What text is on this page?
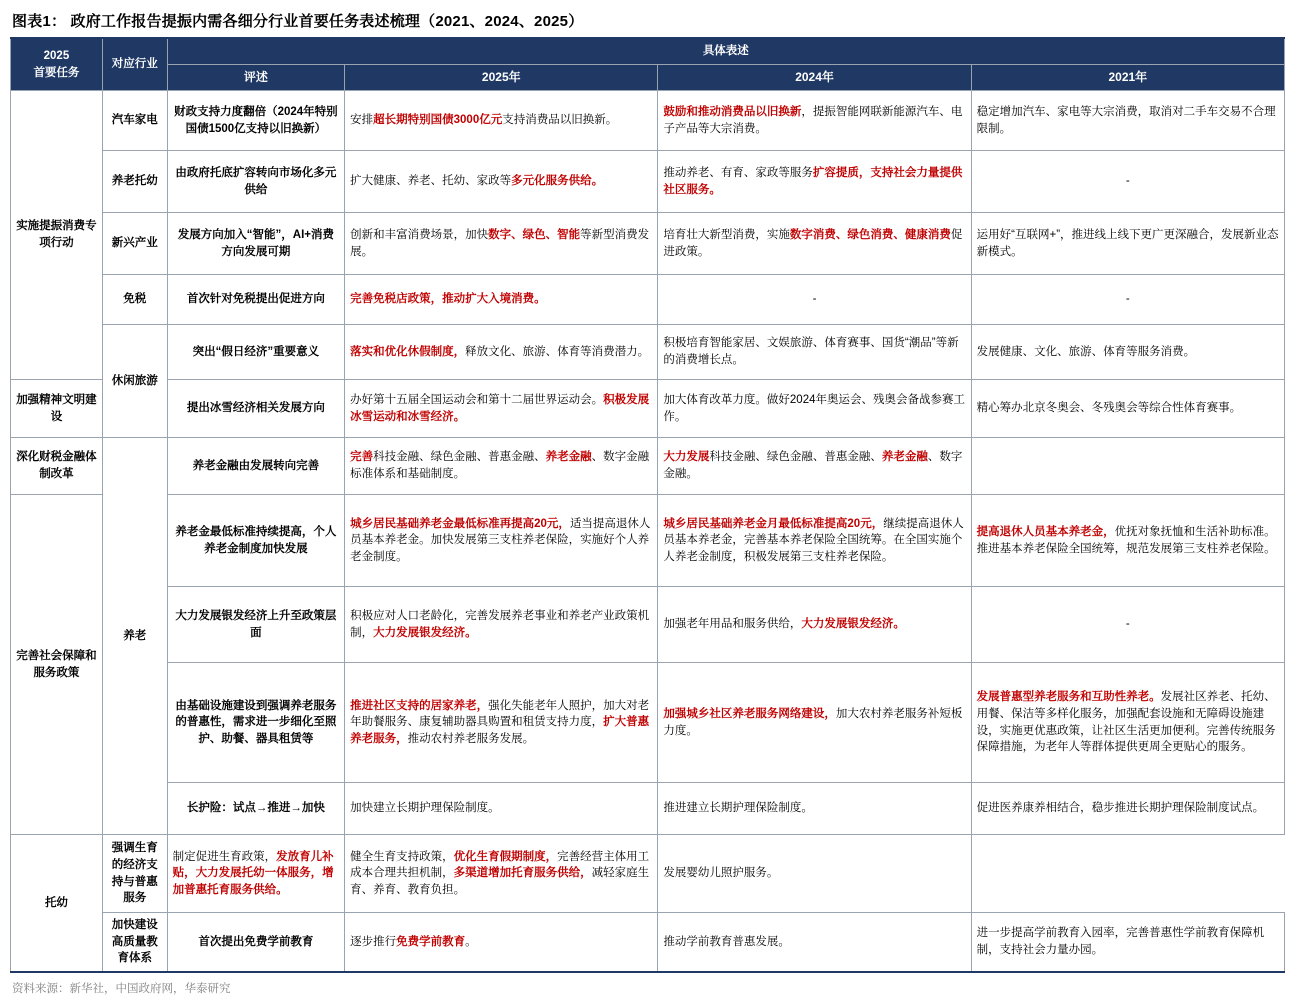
图表1： 政府工作报告提振内需各细分行业首要任务表述梳理（2021、2024、2025）
2025
首要任务	对应行业	具体表述			
		评述	2025年	2024年	2021年
实施提振消费专项行动	汽车家电	财政支持力度翻倍（2024年特别国债1500亿支持以旧换新）	安排超长期特别国债3000亿元支持消费品以旧换新。	鼓励和推动消费品以旧换新，提振智能网联新能源汽车、电子产品等大宗消费。	稳定增加汽车、家电等大宗消费，取消对二手车交易不合理限制。
	养老托幼	由政府托底扩容转向市场化多元供给	扩大健康、养老、托幼、家政等多元化服务供给。	推动养老、有育、家政等服务扩容提质，支持社会力量提供社区服务。	-
	新兴产业	发展方向加入“智能”，AI+消费方向发展可期	创新和丰富消费场景，加快数字、绿色、智能等新型消费发展。	培育壮大新型消费，实施数字消费、绿色消费、健康消费促进政策。	运用好“互联网+”，推进线上线下更广更深融合，发展新业态新模式。
	免税	首次针对免税提出促进方向	完善免税店政策，推动扩大入境消费。	-	-
	休闲旅游	突出“假日经济”重要意义	落实和优化休假制度，释放文化、旅游、体育等消费潜力。	积极培育智能家居、文娱旅游、体育赛事、国货“潮品”等新的消费增长点。	发展健康、文化、旅游、体育等服务消费。
加强精神文明建设		提出冰雪经济相关发展方向	办好第十五届全国运动会和第十二届世界运动会。积极发展冰雪运动和冰雪经济。	加大体育改革力度。做好2024年奥运会、残奥会备战参赛工作。	精心筹办北京冬奥会、冬残奥会等综合性体育赛事。
深化财税金融体制改革	养老	养老金融由发展转向完善	完善科技金融、绿色金融、普惠金融、养老金融、数字金融标准体系和基础制度。	大力发展科技金融、绿色金融、普惠金融、养老金融、数字金融。	
完善社会保障和服务政策		养老金最低标准持续提高，个人养老金制度加快发展	城乡居民基础养老金最低标准再提高20元，适当提高退休人员基本养老金。加快发展第三支柱养老保险，实施好个人养老金制度。	城乡居民基础养老金月最低标准提高20元，继续提高退休人员基本养老金，完善基本养老保险全国统筹。在全国实施个人养老金制度，积极发展第三支柱养老保险。	提高退休人员基本养老金，优抚对象抚恤和生活补助标准。推进基本养老保险全国统筹，规范发展第三支柱养老保险。
		大力发展银发经济上升至政策层面	积极应对人口老龄化，完善发展养老事业和养老产业政策机制，大力发展银发经济。	加强老年用品和服务供给，大力发展银发经济。	-
		由基础设施建设到强调养老服务的普惠性，需求进一步细化至照护、助餐、器具租赁等	推进社区支持的居家养老，强化失能老年人照护，加大对老年助餐服务、康复辅助器具购置和租赁支持力度，扩大普惠养老服务，推动农村养老服务发展。	加强城乡社区养老服务网络建设，加大农村养老服务补短板力度。	发展普惠型养老服务和互助性养老。发展社区养老、托幼、用餐、保洁等多样化服务，加强配套设施和无障碍设施建设，实施更优惠政策，让社区生活更加便利。完善传统服务保障措施，为老年人等群体提供更周全更贴心的服务。
		长护险：试点→推进→加快	加快建立长期护理保险制度。	推进建立长期护理保险制度。	促进医养康养相结合，稳步推进长期护理保险制度试点。
托幼	强调生育的经济支持与普惠服务	制定促进生育政策，发放育儿补贴，大力发展托幼一体服务，增加普惠托育服务供给。	健全生育支持政策，优化生育假期制度，完善经营主体用工成本合理共担机制，多渠道增加托育服务供给，减轻家庭生育、养育、教育负担。	发展婴幼儿照护服务。	
	加快建设高质量教育体系	首次提出免费学前教育	逐步推行免费学前教育。	推动学前教育普惠发展。	进一步提高学前教育入园率，完善普惠性学前教育保障机制，支持社会力量办园。
资料来源：新华社，中国政府网，华泰研究
